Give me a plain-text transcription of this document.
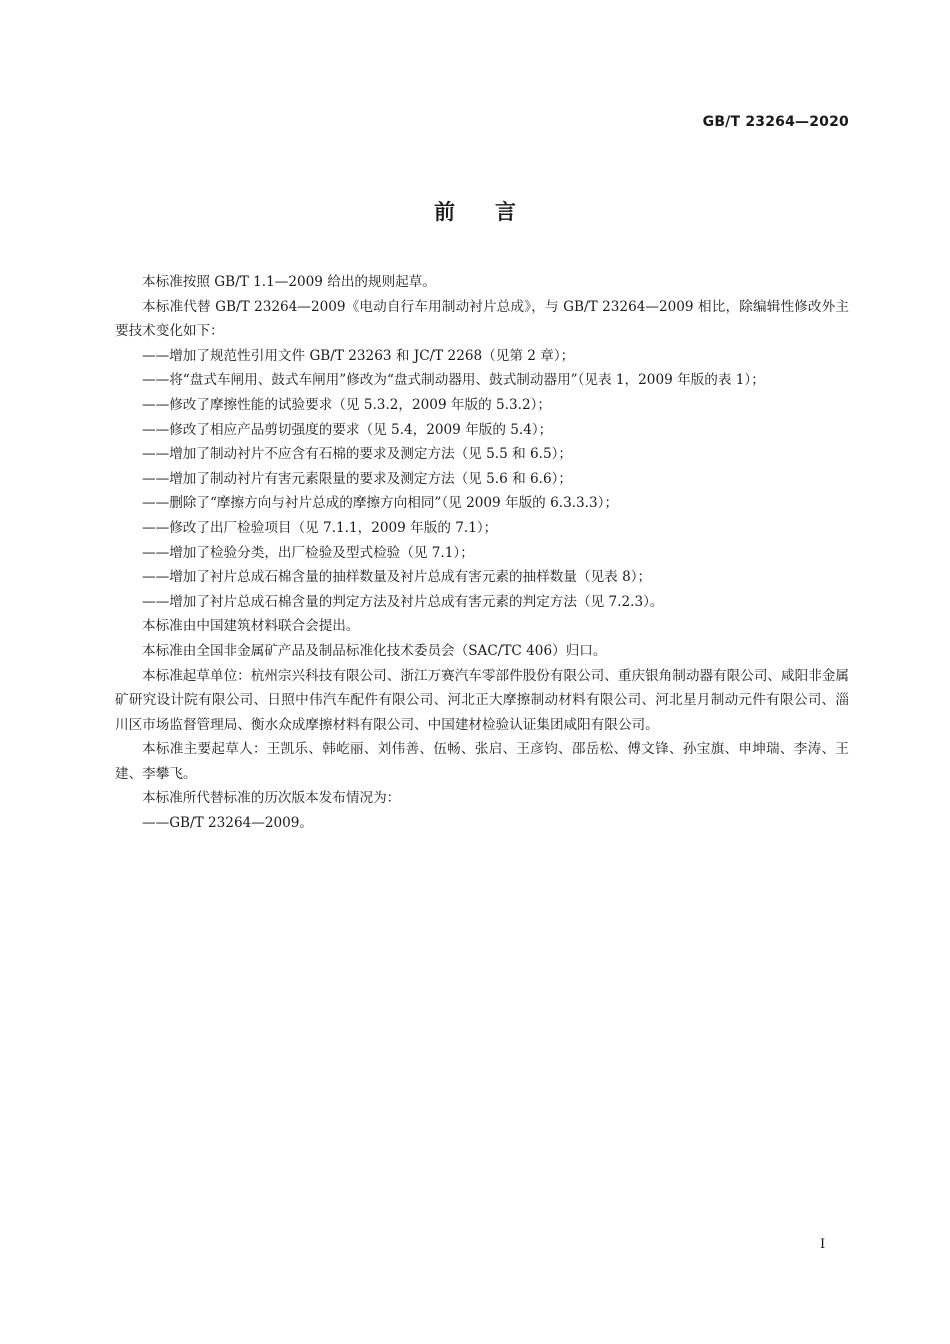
GB/T 23264—2020
前言

本标准按照 GB/T 1.1—2009 给出的规则起草。

本标准代替 GB/T 23264—2009《电动自行车用制动衬片总成》，与 GB/T 23264—2009 相比，除编辑性修改外主要技术变化如下：

——增加了规范性引用文件 GB/T 23263 和 JC/T 2268（见第 2 章）；

——将“盘式车闸用、鼓式车闸用”修改为“盘式制动器用、鼓式制动器用”（见表 1，2009 年版的表 1）；

——修改了摩擦性能的试验要求（见 5.3.2，2009 年版的 5.3.2）；

——修改了相应产品剪切强度的要求（见 5.4，2009 年版的 5.4）；

——增加了制动衬片不应含有石棉的要求及测定方法（见 5.5 和 6.5）；

——增加了制动衬片有害元素限量的要求及测定方法（见 5.6 和 6.6）；

——删除了“摩擦方向与衬片总成的摩擦方向相同”（见 2009 年版的 6.3.3.3）；

——修改了出厂检验项目（见 7.1.1，2009 年版的 7.1）；

——增加了检验分类，出厂检验及型式检验（见 7.1）；

——增加了衬片总成石棉含量的抽样数量及衬片总成有害元素的抽样数量（见表 8）；

——增加了衬片总成石棉含量的判定方法及衬片总成有害元素的判定方法（见 7.2.3）。

本标准由中国建筑材料联合会提出。

本标准由全国非金属矿产品及制品标准化技术委员会（SAC/TC 406）归口。

本标准起草单位：杭州宗兴科技有限公司、浙江万赛汽车零部件股份有限公司、重庆银角制动器有限公司、咸阳非金属矿研究设计院有限公司、日照中伟汽车配件有限公司、河北正大摩擦制动材料有限公司、河北星月制动元件有限公司、淄川区市场监督管理局、衡水众成摩擦材料有限公司、中国建材检验认证集团咸阳有限公司。

本标准主要起草人：王凯乐、韩屹丽、刘伟善、伍畅、张启、王彦钧、邵岳松、傅文锋、孙宝旗、申坤瑞、李涛、王建、李攀飞。

本标准所代替标准的历次版本发布情况为：

——GB/T 23264—2009。

I
